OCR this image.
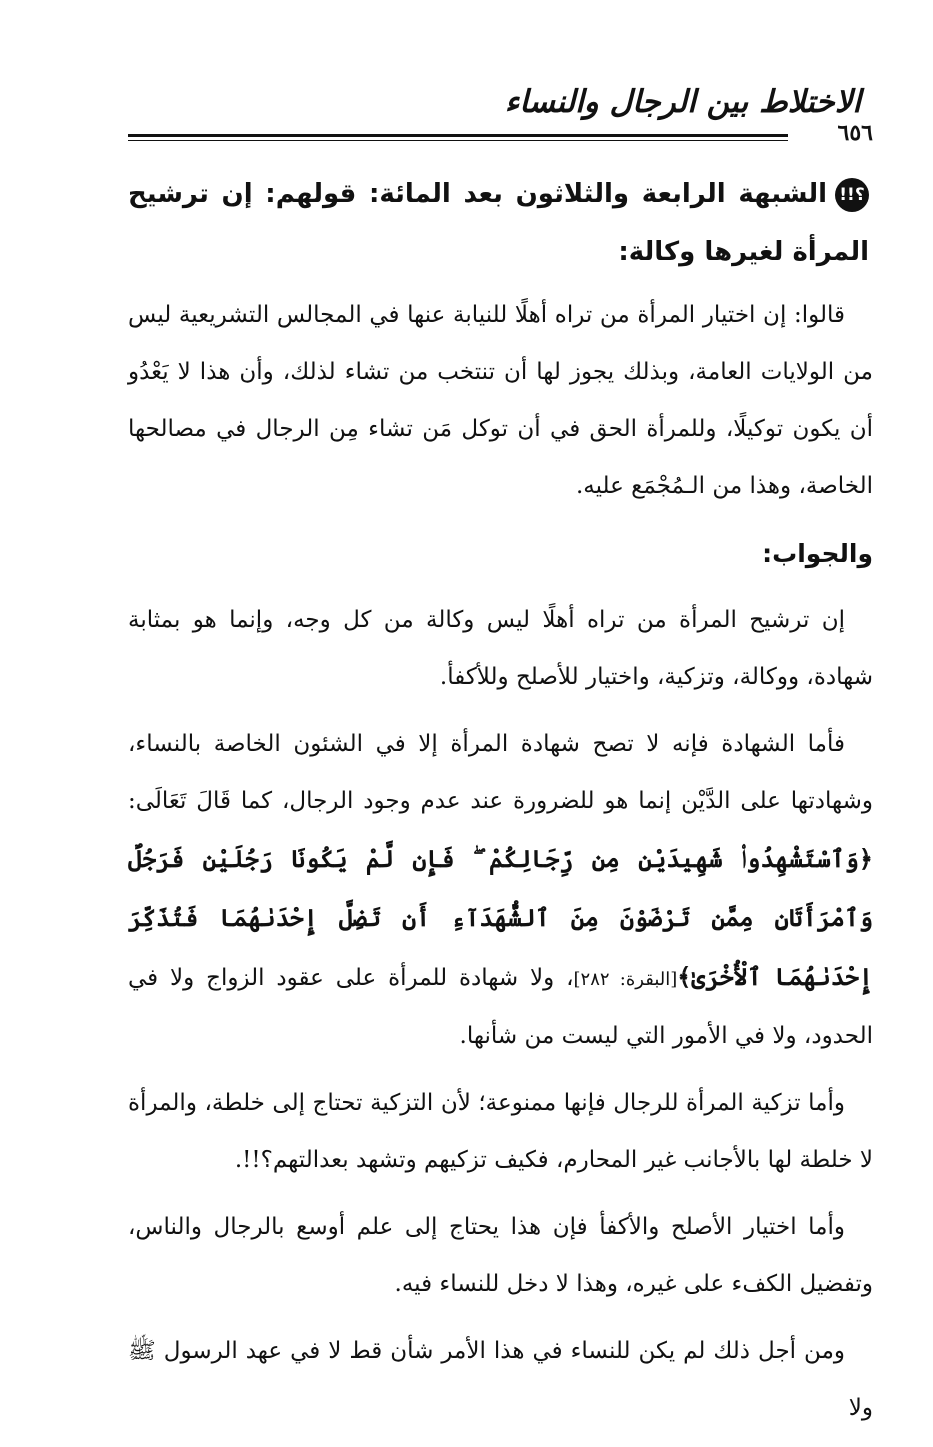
الاختلاط بين الرجال والنساء
٦٥٦
!!؟الشبهة الرابعة والثلاثون بعد المائة: قولهم: إن ترشيح المرأة لغيرها وكالة:

قالوا: إن اختيار المرأة من تراه أهلًا للنيابة عنها في المجالس التشريعية ليس من الولايات العامة، وبذلك يجوز لها أن تنتخب من تشاء لذلك، وأن هذا لا يَعْدُو أن يكون توكيلًا، وللمرأة الحق في أن توكل مَن تشاء مِن الرجال في مصالحها الخاصة، وهذا من الـمُجْمَع عليه.

والجواب:

إن ترشيح المرأة من تراه أهلًا ليس وكالة من كل وجه، وإنما هو بمثابة شهادة، ووكالة، وتزكية، واختيار للأصلح وللأكفأ.

فأما الشهادة فإنه لا تصح شهادة المرأة إلا في الشئون الخاصة بالنساء، وشهادتها على الدَّيْن إنما هو للضرورة عند عدم وجود الرجال، كما قَالَ تَعَالَى: ﴿وَٱسْتَشْهِدُوا۟ شَهِيدَيْنِ مِن رِّجَالِكُمْ ۖ فَإِن لَّمْ يَكُونَا رَجُلَيْنِ فَرَجُلٌ وَٱمْرَأَتَانِ مِمَّن تَرْضَوْنَ مِنَ ٱلشُّهَدَآءِ أَن تَضِلَّ إِحْدَىٰهُمَا فَتُذَكِّرَ إِحْدَىٰهُمَا ٱلْأُخْرَىٰ﴾[البقرة: ٢٨٢]، ولا شهادة للمرأة على عقود الزواج ولا في الحدود، ولا في الأمور التي ليست من شأنها.

وأما تزكية المرأة للرجال فإنها ممنوعة؛ لأن التزكية تحتاج إلى خلطة، والمرأة لا خلطة لها بالأجانب غير المحارم، فكيف تزكيهم وتشهد بعدالتهم؟!!.

وأما اختيار الأصلح والأكفأ فإن هذا يحتاج إلى علم أوسع بالرجال والناس، وتفضيل الكفء على غيره، وهذا لا دخل للنساء فيه.

ومن أجل ذلك لم يكن للنساء في هذا الأمر شأن قط لا في عهد الرسول ﷺ ولا
